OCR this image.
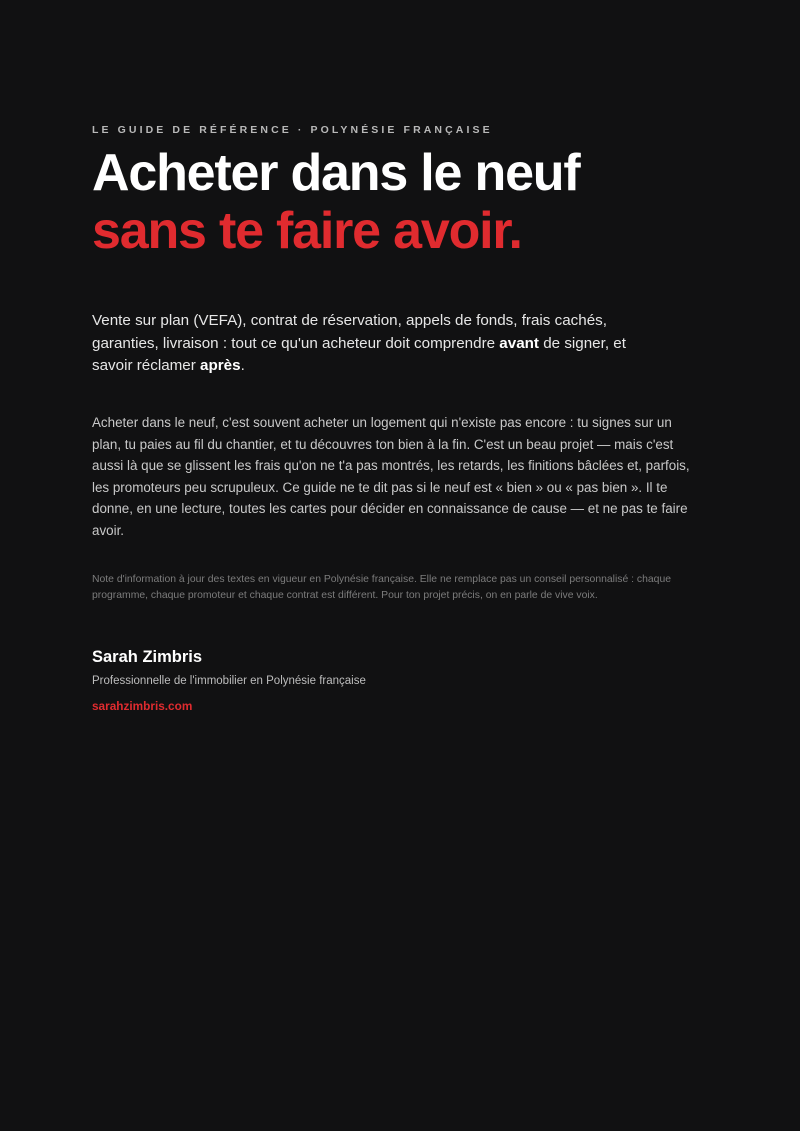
LE GUIDE DE RÉFÉRENCE · POLYNÉSIE FRANÇAISE

Acheter dans le neuf
sans te faire avoir.

Vente sur plan (VEFA), contrat de réservation, appels de fonds, frais cachés, garanties, livraison : tout ce qu'un acheteur doit comprendre avant de signer, et savoir réclamer après.

Acheter dans le neuf, c'est souvent acheter un logement qui n'existe pas encore : tu signes sur un plan, tu paies au fil du chantier, et tu découvres ton bien à la fin. C'est un beau projet — mais c'est aussi là que se glissent les frais qu'on ne t'a pas montrés, les retards, les finitions bâclées et, parfois, les promoteurs peu scrupuleux. Ce guide ne te dit pas si le neuf est « bien » ou « pas bien ». Il te donne, en une lecture, toutes les cartes pour décider en connaissance de cause — et ne pas te faire avoir.

Note d'information à jour des textes en vigueur en Polynésie française. Elle ne remplace pas un conseil personnalisé : chaque programme, chaque promoteur et chaque contrat est différent. Pour ton projet précis, on en parle de vive voix.

Sarah Zimbris

Professionnelle de l'immobilier en Polynésie française

sarahzimbris.com
